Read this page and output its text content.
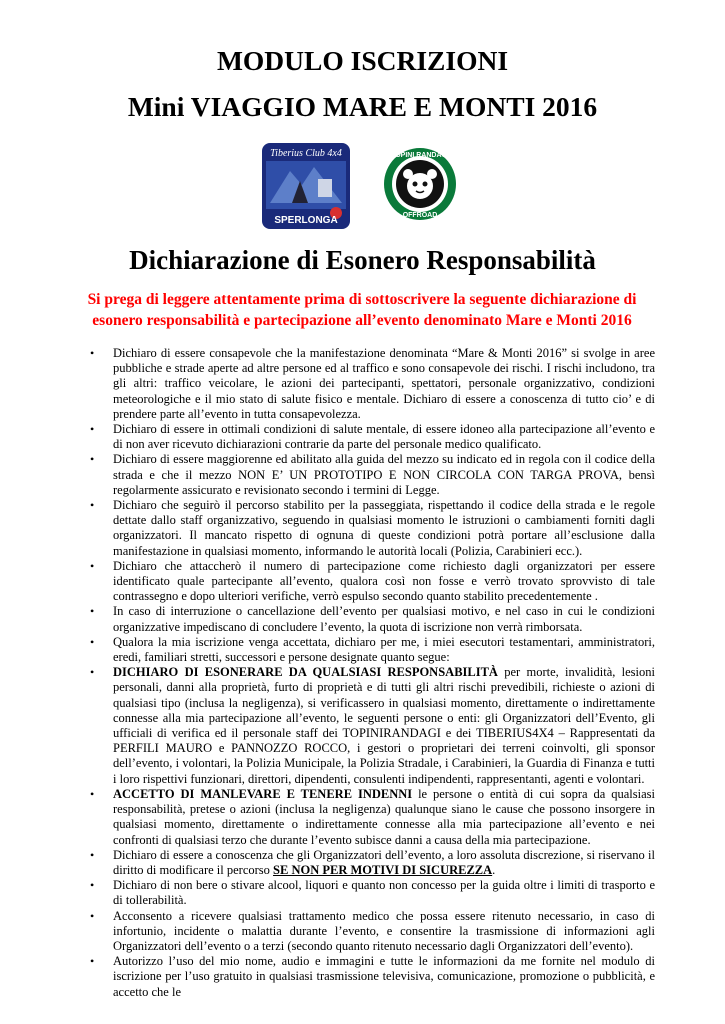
MODULO ISCRIZIONI
Mini VIAGGIO MARE E MONTI 2016
Tiberius Club 4x4
SPERLONGA
TOPINI RANDAGI
OFFROAD
Dichiarazione di Esonero Responsabilità
Si prega di leggere attentamente prima di sottoscrivere la seguente dichiarazione di esonero responsabilità e partecipazione all’evento denominato Mare e Monti 2016
• Dichiaro di essere consapevole che la manifestazione denominata “Mare & Monti 2016” si svolge in aree pubbliche e strade aperte ad altre persone ed al traffico e sono consapevole dei rischi. I rischi includono, tra gli altri: traffico veicolare, le azioni dei partecipanti, spettatori, personale organizzativo, condizioni meteorologiche e il mio stato di salute fisico e mentale. Dichiaro di essere a conoscenza di tutto cio’ e di prendere parte all’evento in tutta consapevolezza.
• Dichiaro di essere in ottimali condizioni di salute mentale, di essere idoneo alla partecipazione all’evento e di non aver ricevuto dichiarazioni contrarie da parte del personale medico qualificato.
• Dichiaro di essere maggiorenne ed abilitato alla guida del mezzo su indicato ed in regola con il codice della strada e che il mezzo NON E’ UN PROTOTIPO E NON CIRCOLA CON TARGA PROVA, bensì regolarmente assicurato e revisionato secondo i termini di Legge.
• Dichiaro che seguirò il percorso stabilito per la passeggiata, rispettando il codice della strada e le regole dettate dallo staff organizzativo, seguendo in qualsiasi momento le istruzioni o cambiamenti forniti dagli organizzatori. Il mancato rispetto di ognuna di queste condizioni potrà portare all’esclusione dalla manifestazione in qualsiasi momento, informando le autorità locali (Polizia, Carabinieri ecc.).
• Dichiaro che attaccherò il numero di partecipazione come richiesto dagli organizzatori per essere identificato quale partecipante all’evento, qualora così non fosse e verrò trovato sprovvisto di tale contrassegno e dopo ulteriori verifiche, verrò espulso secondo quanto stabilito precedentemente .
• In caso di interruzione o cancellazione dell’evento per qualsiasi motivo, e nel caso in cui le condizioni organizzative impediscano di concludere l’evento, la quota di iscrizione non verrà rimborsata.
• Qualora la mia iscrizione venga accettata, dichiaro per me, i miei esecutori testamentari, amministratori, eredi, familiari stretti, successori e persone designate quanto segue:
• DICHIARO DI ESONERARE DA QUALSIASI RESPONSABILITÀ per morte, invalidità, lesioni personali, danni alla proprietà, furto di proprietà e di tutti gli altri rischi prevedibili, richieste o azioni di qualsiasi tipo (inclusa la negligenza), si verificassero in qualsiasi momento, direttamente o indirettamente connesse alla mia partecipazione all’evento, le seguenti persone o enti: gli Organizzatori dell’Evento, gli ufficiali di verifica ed il personale staff dei TOPINIRANDAGI e dei TIBERIUS4X4 – Rappresentati da PERFILI MAURO e PANNOZZO ROCCO, i gestori o proprietari dei terreni coinvolti, gli sponsor dell’evento, i volontari, la Polizia Municipale, la Polizia Stradale, i Carabinieri, la Guardia di Finanza e tutti i loro rispettivi funzionari, direttori, dipendenti, consulenti indipendenti, rappresentanti, agenti e volontari.
• ACCETTO DI MANLEVARE E TENERE INDENNI le persone o entità di cui sopra da qualsiasi responsabilità, pretese o azioni (inclusa la negligenza) qualunque siano le cause che possono insorgere in qualsiasi momento, direttamente o indirettamente connesse alla mia partecipazione all’evento e nei confronti di qualsiasi terzo che durante l’evento subisce danni a causa della mia partecipazione.
• Dichiaro di essere a conoscenza che gli Organizzatori dell’evento, a loro assoluta discrezione, si riservano il diritto di modificare il percorso SE NON PER MOTIVI DI SICUREZZA.
• Dichiaro di non bere o stivare alcool, liquori e quanto non concesso per la guida oltre i limiti di trasporto e di tollerabilità.
• Acconsento a ricevere qualsiasi trattamento medico che possa essere ritenuto necessario, in caso di infortunio, incidente o malattia durante l’evento, e consentire la trasmissione di informazioni agli Organizzatori dell’evento o a terzi (secondo quanto ritenuto necessario dagli Organizzatori dell’evento).
• Autorizzo l’uso del mio nome, audio e immagini e tutte le informazioni da me fornite nel modulo di iscrizione per l’uso gratuito in qualsiasi trasmissione televisiva, comunicazione, promozione o pubblicità, e accetto che le
